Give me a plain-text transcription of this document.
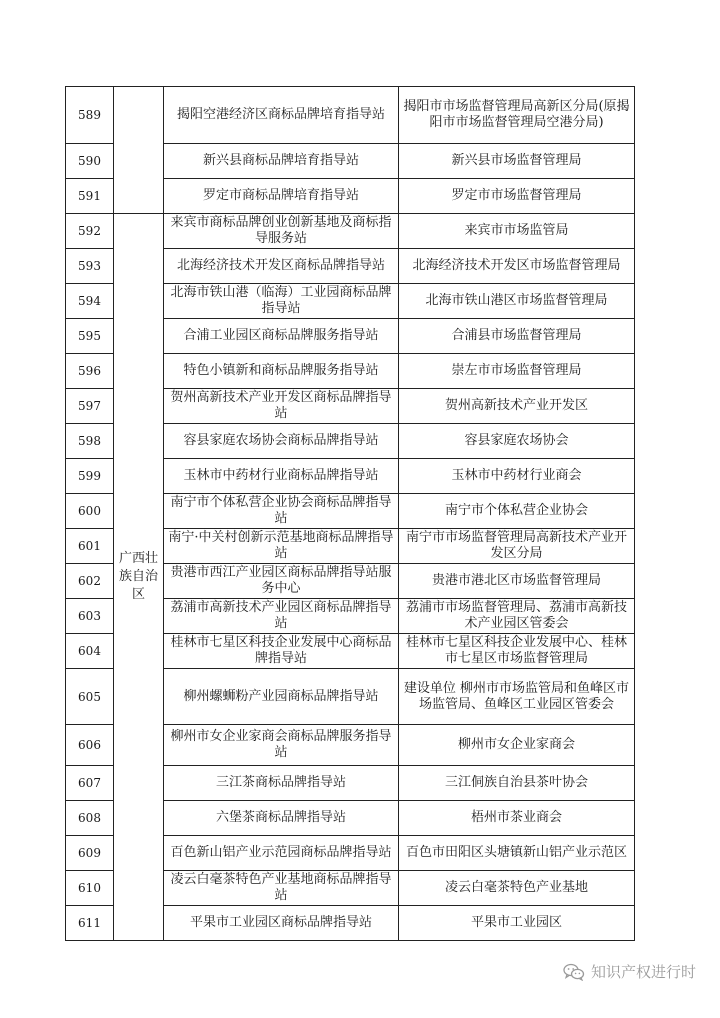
589		揭阳空港经济区商标品牌培育指导站	揭阳市市场监督管理局高新区分局(原揭阳市市场监督管理局空港分局)
590		新兴县商标品牌培育指导站	新兴县市场监督管理局
591		罗定市商标品牌培育指导站	罗定市市场监督管理局
592	广西壮族自治区	来宾市商标品牌创业创新基地及商标指导服务站	来宾市市场监管局
593		北海经济技术开发区商标品牌指导站	北海经济技术开发区市场监督管理局
594		北海市铁山港（临海）工业园商标品牌指导站	北海市铁山港区市场监督管理局
595		合浦工业园区商标品牌服务指导站	合浦县市场监督管理局
596		特色小镇新和商标品牌服务指导站	崇左市市场监督管理局
597		贺州高新技术产业开发区商标品牌指导站	贺州高新技术产业开发区
598		容县家庭农场协会商标品牌指导站	容县家庭农场协会
599		玉林市中药材行业商标品牌指导站	玉林市中药材行业商会
600		南宁市个体私营企业协会商标品牌指导站	南宁市个体私营企业协会
601		南宁·中关村创新示范基地商标品牌指导站	南宁市市场监督管理局高新技术产业开发区分局
602		贵港市西江产业园区商标品牌指导站服务中心	贵港市港北区市场监督管理局
603		荔浦市高新技术产业园区商标品牌指导站	荔浦市市场监督管理局、荔浦市高新技术产业园区管委会
604		桂林市七星区科技企业发展中心商标品牌指导站	桂林市七星区科技企业发展中心、桂林市七星区市场监督管理局
605		柳州螺蛳粉产业园商标品牌指导站	建设单位 柳州市市场监管局和鱼峰区市场监管局、鱼峰区工业园区管委会
606		柳州市女企业家商会商标品牌服务指导站	柳州市女企业家商会
607		三江茶商标品牌指导站	三江侗族自治县茶叶协会
608		六堡茶商标品牌指导站	梧州市茶业商会
609		百色新山铝产业示范园商标品牌指导站	百色市田阳区头塘镇新山铝产业示范区
610		凌云白毫茶特色产业基地商标品牌指导站	凌云白毫茶特色产业基地
611		平果市工业园区商标品牌指导站	平果市工业园区
知识产权进行时
